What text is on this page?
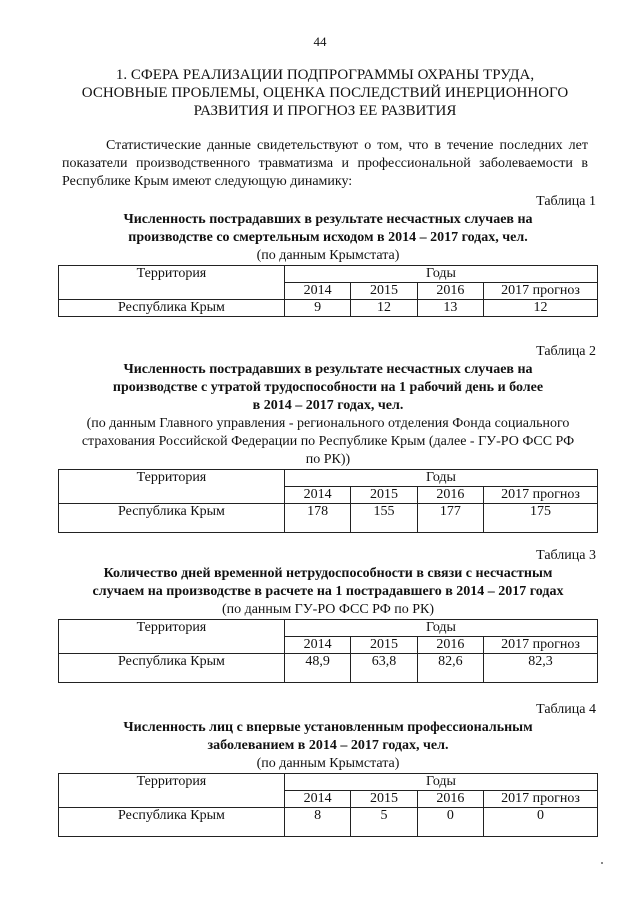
44
1. СФЕРА РЕАЛИЗАЦИИ ПОДПРОГРАММЫ ОХРАНЫ ТРУДА,
ОСНОВНЫЕ ПРОБЛЕМЫ, ОЦЕНКА ПОСЛЕДСТВИЙ ИНЕРЦИОННОГО
РАЗВИТИЯ И ПРОГНОЗ ЕЕ РАЗВИТИЯ
Статистические данные свидетельствуют о том, что в течение последних лет показатели производственного травматизма и профессиональной заболеваемости в Республике Крым имеют следующую динамику:
Таблица 1
Численность пострадавших в результате несчастных случаев на
производстве со смертельным исходом в 2014 – 2017 годах, чел.
(по данным Крымстата)
Территория	Годы			
	2014	2015	2016	2017 прогноз
Республика Крым	9	12	13	12
Таблица 2
Численность пострадавших в результате несчастных случаев на
производстве с утратой трудоспособности на 1 рабочий день и более
в 2014 – 2017 годах, чел.
(по данным Главного управления - регионального отделения Фонда социального страхования Российской Федерации по Республике Крым (далее - ГУ-РО ФСС РФ по РК))
Территория	Годы			
	2014	2015	2016	2017 прогноз
Республика Крым	178	155	177	175
Таблица 3
Количество дней временной нетрудоспособности в связи с несчастным
случаем на производстве в расчете на 1 пострадавшего в 2014 – 2017 годах
(по данным ГУ-РО ФСС РФ по РК)
Территория	Годы			
	2014	2015	2016	2017 прогноз
Республика Крым	48,9	63,8	82,6	82,3
Таблица 4
Численность лиц с впервые установленным профессиональным
заболеванием в 2014 – 2017 годах, чел.
(по данным Крымстата)
Территория	Годы			
	2014	2015	2016	2017 прогноз
Республика Крым	8	5	0	0
